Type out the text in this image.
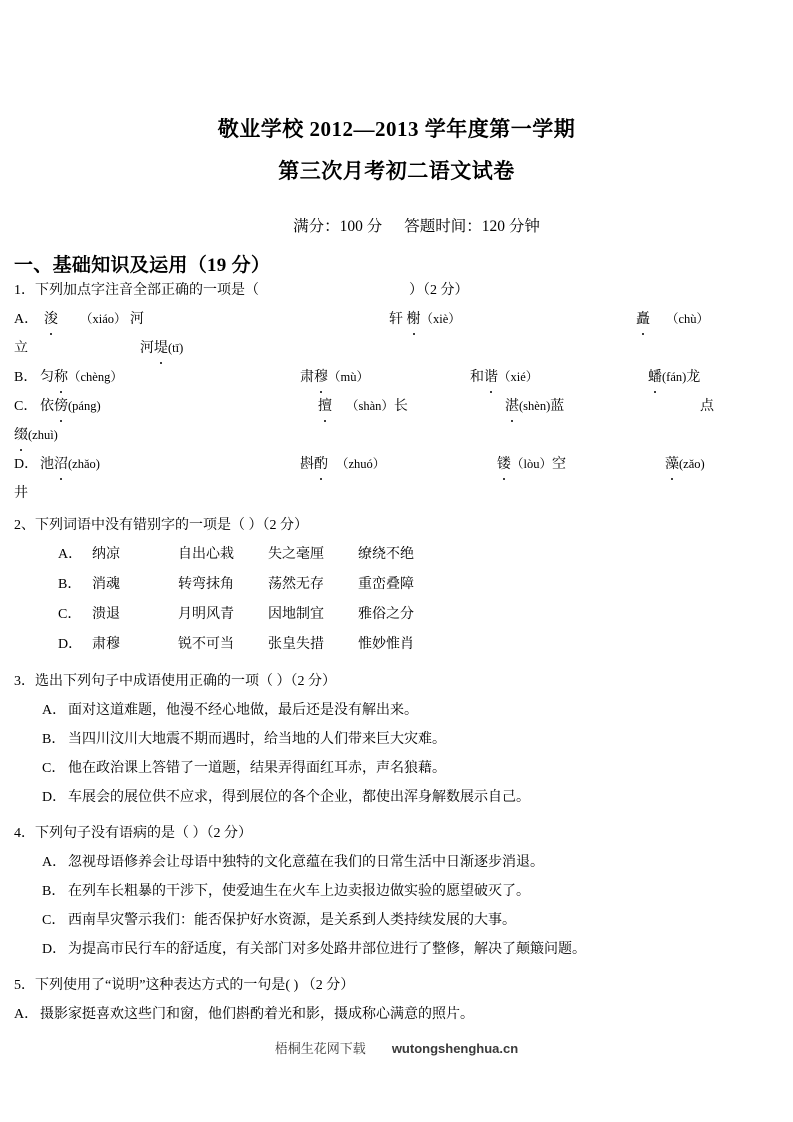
敬业学校 2012—2013 学年度第一学期
第三次月考初二语文试卷
满分：100 分 答题时间：120 分钟
一、基础知识及运用（19 分）
1．下列加点字注音全部正确的一项是（	）（2 分）
A． 浚 （xiáo） 河	轩 榭（xiè）	矗 （chù）
立	河堤(tī)
B． 匀称（chèng）	肃穆（mù）	和谐（xié）	蟠(fán)龙
C． 依傍(páng)	擅 （shàn）长	湛(shèn)蓝	点
缀(zhuì)
D． 池沼(zhǎo)	斟酌 （zhuó）	镂（lòu）空	藻(zǎo)
井
2、下列词语中没有错别字的一项是（ ）（2 分）
A． 纳凉	自出心栽 失之毫厘 缭绕不绝
B． 消魂	转弯抹角 荡然无存 重峦叠障
C． 溃退	月明风青 因地制宜 雅俗之分
D． 肃穆	锐不可当 张皇失措 惟妙惟肖
3．选出下列句子中成语使用正确的一项（ ）（2 分）
A． 面对这道难题，他漫不经心地做，最后还是没有解出来。
B． 当四川汶川大地震不期而遇时，给当地的人们带来巨大灾难。
C． 他在政治课上答错了一道题，结果弄得面红耳赤，声名狼藉。
D． 车展会的展位供不应求，得到展位的各个企业，都使出浑身解数展示自己。
4．下列句子没有语病的是（ ）（2 分）
A． 忽视母语修养会让母语中独特的文化意蕴在我们的日常生活中日渐逐步消退。
B． 在列车长粗暴的干涉下，使爱迪生在火车上边卖报边做实验的愿望破灭了。
C． 西南旱灾警示我们：能否保护好水资源，是关系到人类持续发展的大事。
D． 为提高市民行车的舒适度，有关部门对多处路井部位进行了整修，解决了颠簸问题。
5．下列使用了“说明”这种表达方式的一句是( ) （2 分）
A． 摄影家挺喜欢这些门和窗，他们斟酌着光和影，摄成称心满意的照片。
梧桐生花网下载 wutongshenghua.cn
